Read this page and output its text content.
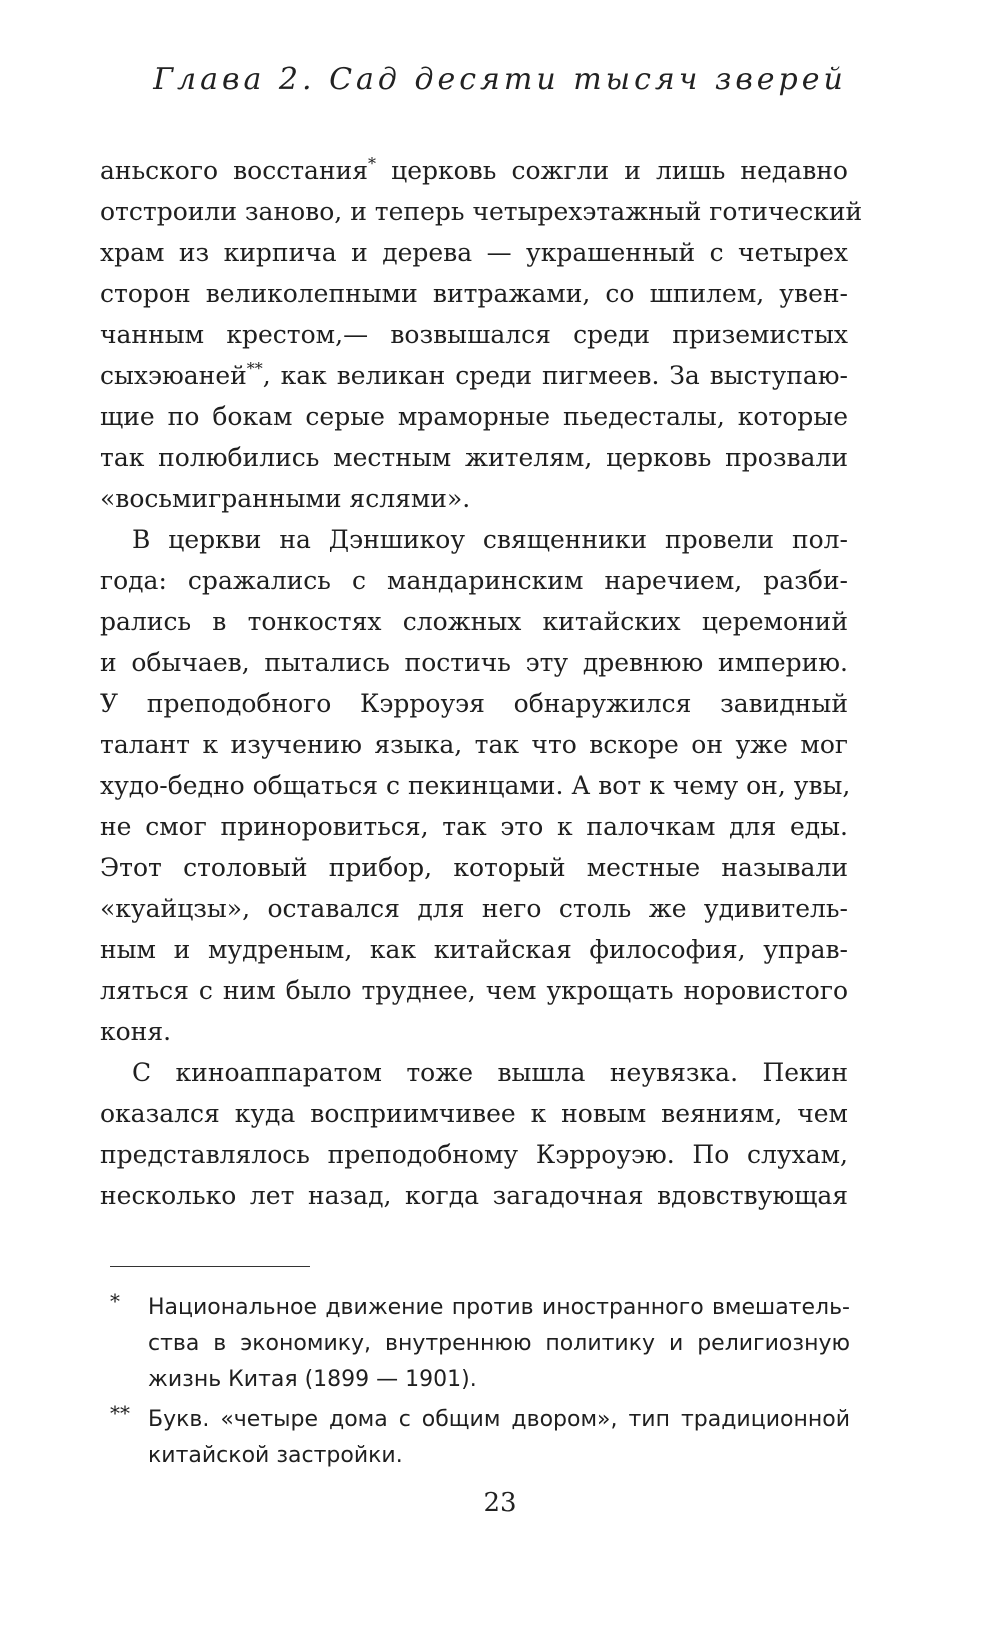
Глава 2. Сад десяти тысяч зверей
аньского восстания* церковь сожгли и лишь недавно
отстроили заново, и теперь четырехэтажный готический
храм из кирпича и дерева — украшенный с четырех
сторон великолепными витражами, со шпилем, увен-
чанным крестом,— возвышался среди приземистых
сыхэюаней**, как великан среди пигмеев. За выступаю-
щие по бокам серые мраморные пьедесталы, которые
так полюбились местным жителям, церковь прозвали
«восьмигранными яслями».
В церкви на Дэншикоу священники провели пол-
года: сражались с мандаринским наречием, разби-
рались в тонкостях сложных китайских церемоний
и обычаев, пытались постичь эту древнюю империю.
У преподобного Кэрроуэя обнаружился завидный
талант к изучению языка, так что вскоре он уже мог
худо-бедно общаться с пекинцами. А вот к чему он, увы,
не смог приноровиться, так это к палочкам для еды.
Этот столовый прибор, который местные называли
«куайцзы», оставался для него столь же удивитель-
ным и мудреным, как китайская философия, управ-
ляться с ним было труднее, чем укрощать норовистого
коня.
С киноаппаратом тоже вышла неувязка. Пекин
оказался куда восприимчивее к новым веяниям, чем
представлялось преподобному Кэрроуэю. По слухам,
несколько лет назад, когда загадочная вдовствующая
* Национальное движение против иностранного вмешатель-
ства в экономику, внутреннюю политику и религиозную
жизнь Китая (1899 — 1901).
** Букв. «четыре дома с общим двором», тип традиционной
китайской застройки.
23
